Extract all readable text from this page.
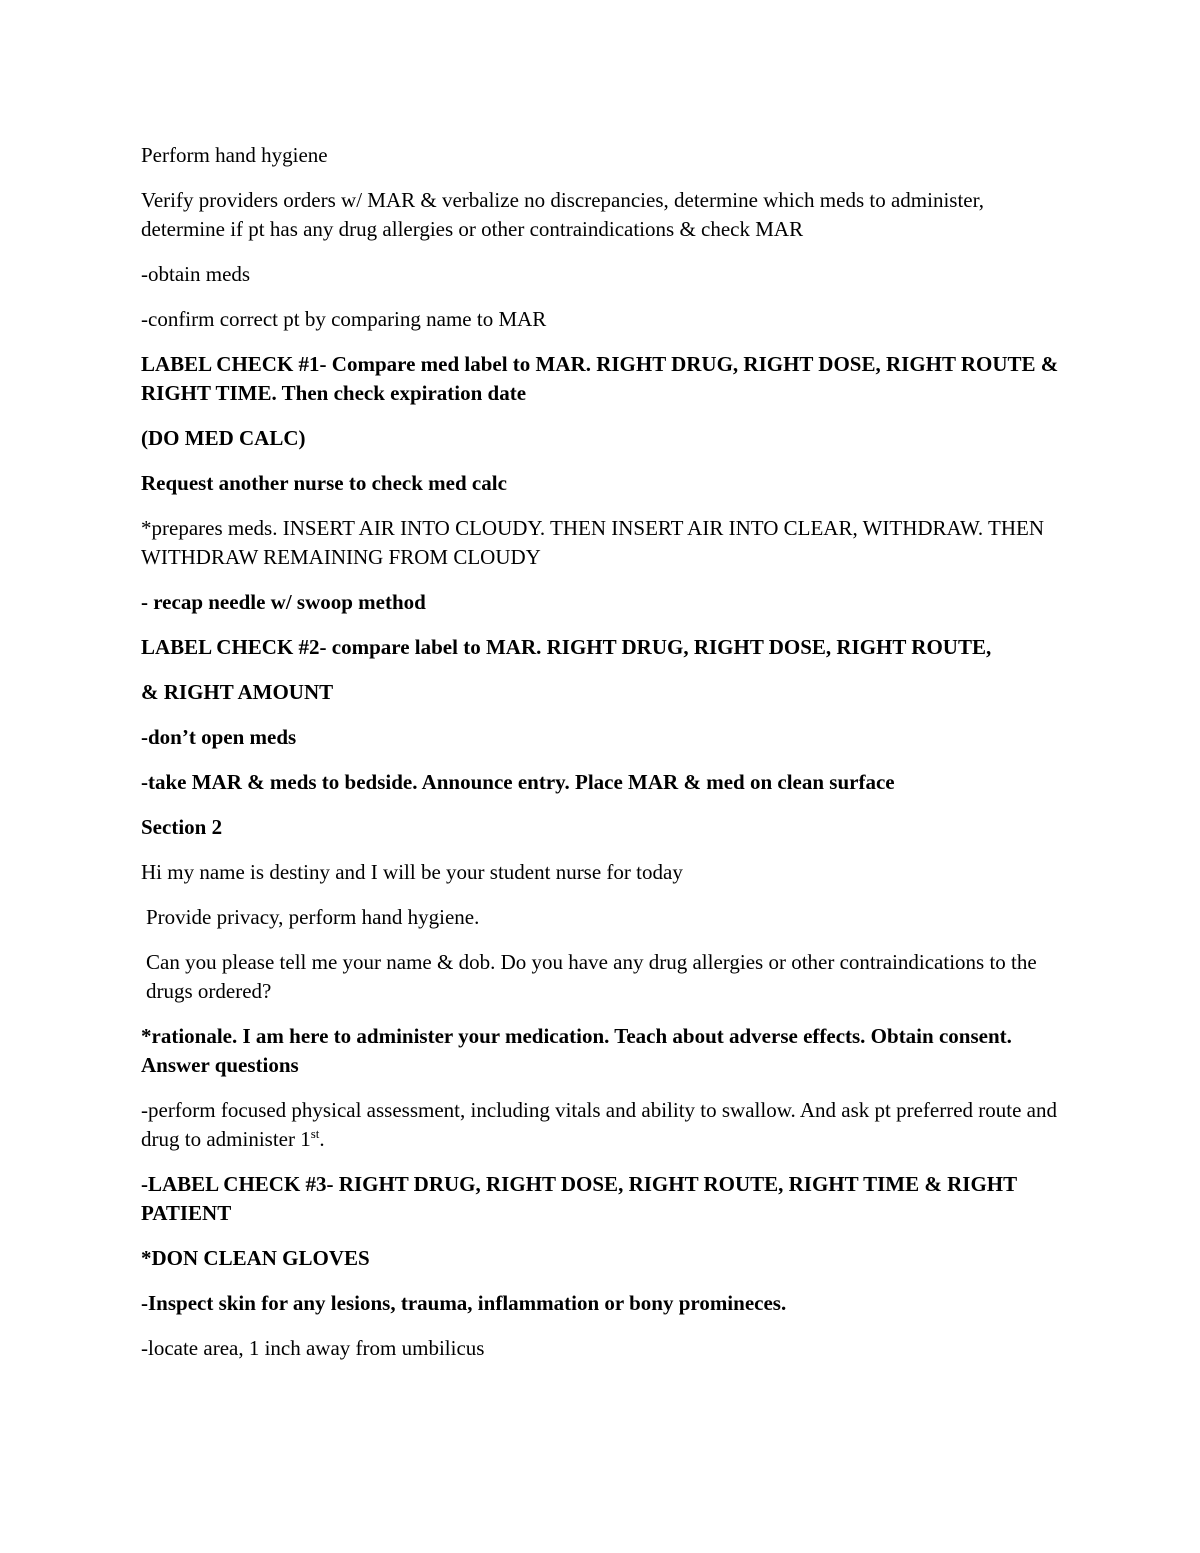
Perform hand hygiene

Verify providers orders w/ MAR & verbalize no discrepancies, determine which meds to administer, determine if pt has any drug allergies or other contraindications & check MAR

-obtain meds

-confirm correct pt by comparing name to MAR

LABEL CHECK #1- Compare med label to MAR. RIGHT DRUG, RIGHT DOSE, RIGHT ROUTE & RIGHT TIME. Then check expiration date

(DO MED CALC)

Request another nurse to check med calc

*prepares meds. INSERT AIR INTO CLOUDY. THEN INSERT AIR INTO CLEAR, WITHDRAW. THEN WITHDRAW REMAINING FROM CLOUDY

- recap needle w/ swoop method

LABEL CHECK #2- compare label to MAR. RIGHT DRUG, RIGHT DOSE, RIGHT ROUTE,

& RIGHT AMOUNT

-don’t open meds

-take MAR & meds to bedside. Announce entry. Place MAR & med on clean surface

Section 2

Hi my name is destiny and I will be your student nurse for today

Provide privacy, perform hand hygiene.

Can you please tell me your name & dob. Do you have any drug allergies or other contraindications to the drugs ordered?

*rationale. I am here to administer your medication. Teach about adverse effects. Obtain consent. Answer questions

-perform focused physical assessment, including vitals and ability to swallow. And ask pt preferred route and drug to administer 1st.

-LABEL CHECK #3- RIGHT DRUG, RIGHT DOSE, RIGHT ROUTE, RIGHT TIME & RIGHT PATIENT

*DON CLEAN GLOVES

-Inspect skin for any lesions, trauma, inflammation or bony promineces.

-locate area, 1 inch away from umbilicus
